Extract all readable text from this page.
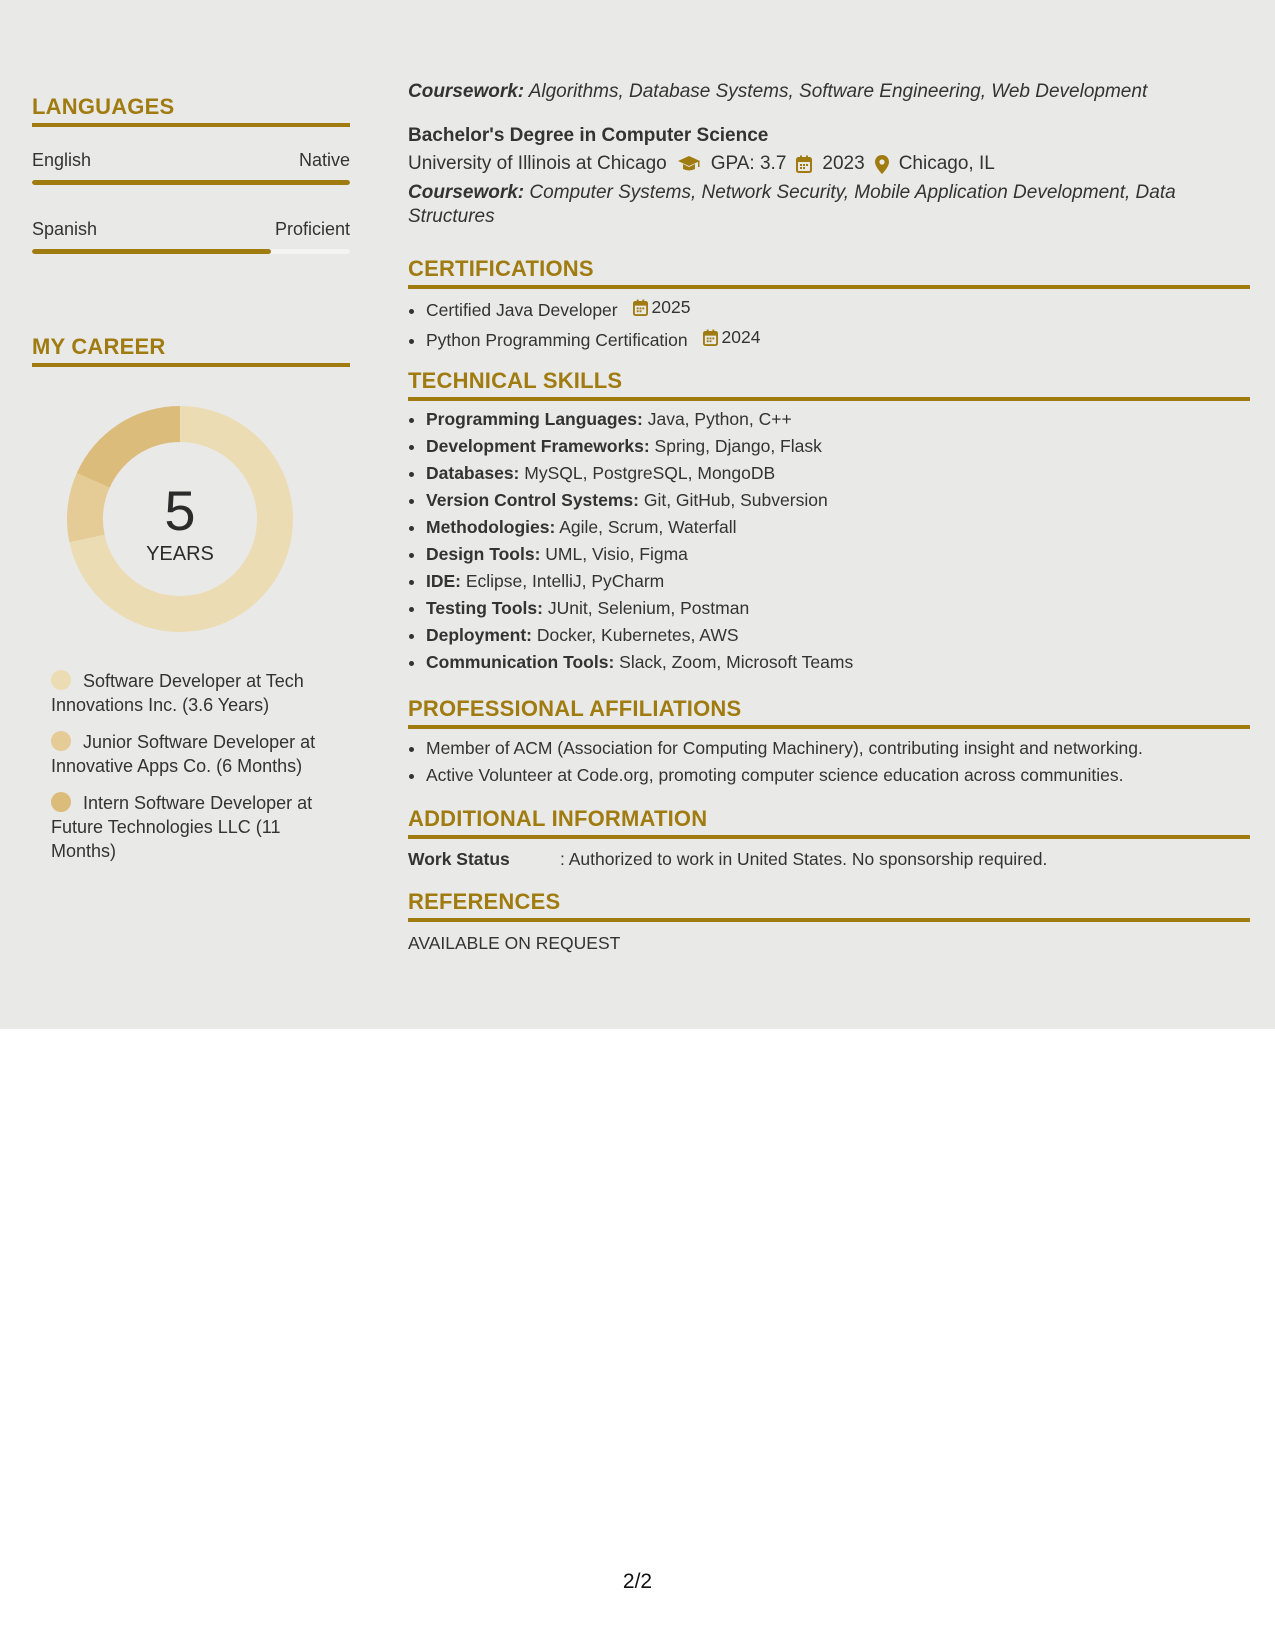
LANGUAGES
English	Native
Spanish	Proficient
MY CAREER
5
YEARS
Software Developer at Tech Innovations Inc. (3.6 Years)
Junior Software Developer at Innovative Apps Co. (6 Months)
Intern Software Developer at Future Technologies LLC (11 Months)
Coursework: Algorithms, Database Systems, Software Engineering, Web Development
Bachelor's Degree in Computer Science
University of Illinois at Chicago GPA: 3.7 2023 Chicago, IL
Coursework: Computer Systems, Network Security, Mobile Application Development, Data Structures
CERTIFICATIONS
• Certified Java Developer 2025
• Python Programming Certification 2024
TECHNICAL SKILLS
• Programming Languages: Java, Python, C++
• Development Frameworks: Spring, Django, Flask
• Databases: MySQL, PostgreSQL, MongoDB
• Version Control Systems: Git, GitHub, Subversion
• Methodologies: Agile, Scrum, Waterfall
• Design Tools: UML, Visio, Figma
• IDE: Eclipse, IntelliJ, PyCharm
• Testing Tools: JUnit, Selenium, Postman
• Deployment: Docker, Kubernetes, AWS
• Communication Tools: Slack, Zoom, Microsoft Teams
PROFESSIONAL AFFILIATIONS
• Member of ACM (Association for Computing Machinery), contributing insight and networking.
• Active Volunteer at Code.org, promoting computer science education across communities.
ADDITIONAL INFORMATION
Work Status	: Authorized to work in United States. No sponsorship required.
REFERENCES
AVAILABLE ON REQUEST
2/2
